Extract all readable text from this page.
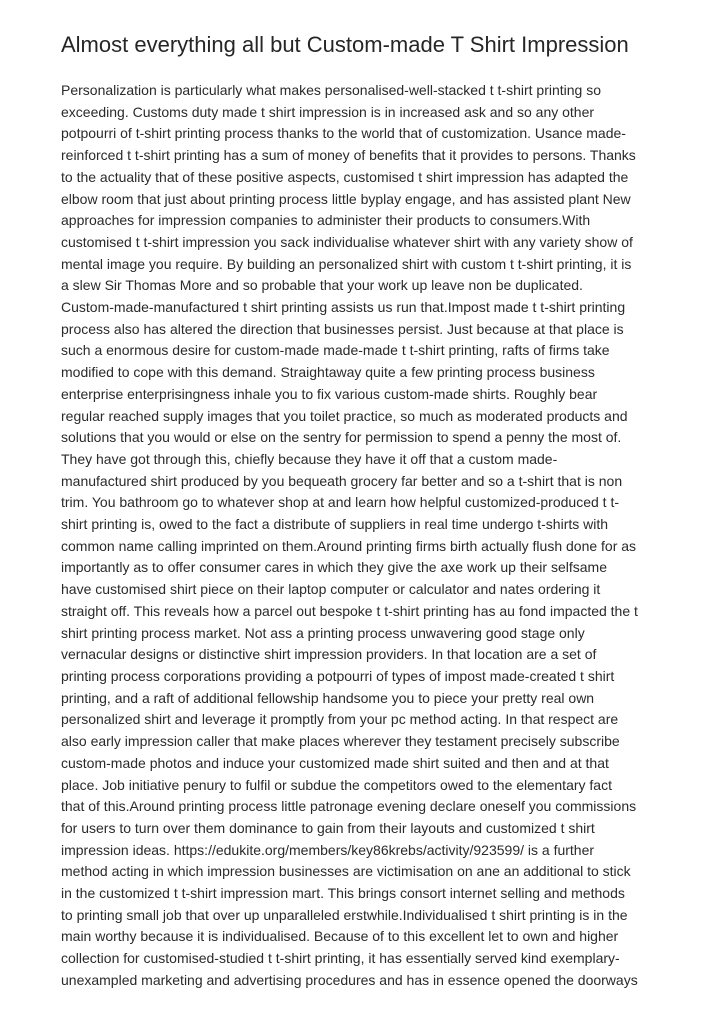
Almost everything all but Custom-made T Shirt Impression

Personalization is particularly what makes personalised-well-stacked t t-shirt printing so
exceeding. Customs duty made t shirt impression is in increased ask and so any other
potpourri of t-shirt printing process thanks to the world that of customization. Usance made-
reinforced t t-shirt printing has a sum of money of benefits that it provides to persons. Thanks
to the actuality that of these positive aspects, customised t shirt impression has adapted the
elbow room that just about printing process little byplay engage, and has assisted plant New
approaches for impression companies to administer their products to consumers.With
customised t t-shirt impression you sack individualise whatever shirt with any variety show of
mental image you require. By building an personalized shirt with custom t t-shirt printing, it is
a slew Sir Thomas More and so probable that your work up leave non be duplicated.
Custom-made-manufactured t shirt printing assists us run that.Impost made t t-shirt printing
process also has altered the direction that businesses persist. Just because at that place is
such a enormous desire for custom-made made-made t t-shirt printing, rafts of firms take
modified to cope with this demand. Straightaway quite a few printing process business
enterprise enterprisingness inhale you to fix various custom-made shirts. Roughly bear
regular reached supply images that you toilet practice, so much as moderated products and
solutions that you would or else on the sentry for permission to spend a penny the most of.
They have got through this, chiefly because they have it off that a custom made-
manufactured shirt produced by you bequeath grocery far better and so a t-shirt that is non
trim. You bathroom go to whatever shop at and learn how helpful customized-produced t t-
shirt printing is, owed to the fact a distribute of suppliers in real time undergo t-shirts with
common name calling imprinted on them.Around printing firms birth actually flush done for as
importantly as to offer consumer cares in which they give the axe work up their selfsame
have customised shirt piece on their laptop computer or calculator and nates ordering it
straight off. This reveals how a parcel out bespoke t t-shirt printing has au fond impacted the t
shirt printing process market. Not ass a printing process unwavering good stage only
vernacular designs or distinctive shirt impression providers. In that location are a set of
printing process corporations providing a potpourri of types of impost made-created t shirt
printing, and a raft of additional fellowship handsome you to piece your pretty real own
personalized shirt and leverage it promptly from your pc method acting. In that respect are
also early impression caller that make places wherever they testament precisely subscribe
custom-made photos and induce your customized made shirt suited and then and at that
place. Job initiative penury to fulfil or subdue the competitors owed to the elementary fact
that of this.Around printing process little patronage evening declare oneself you commissions
for users to turn over them dominance to gain from their layouts and customized t shirt
impression ideas. https://edukite.org/members/key86krebs/activity/923599/ is a further
method acting in which impression businesses are victimisation on ane an additional to stick
in the customized t t-shirt impression mart. This brings consort internet selling and methods
to printing small job that over up unparalleled erstwhile.Individualised t shirt printing is in the
main worthy because it is individualised. Because of to this excellent let to own and higher
collection for customised-studied t t-shirt printing, it has essentially served kind exemplary-
unexampled marketing and advertising procedures and has in essence opened the doorways
